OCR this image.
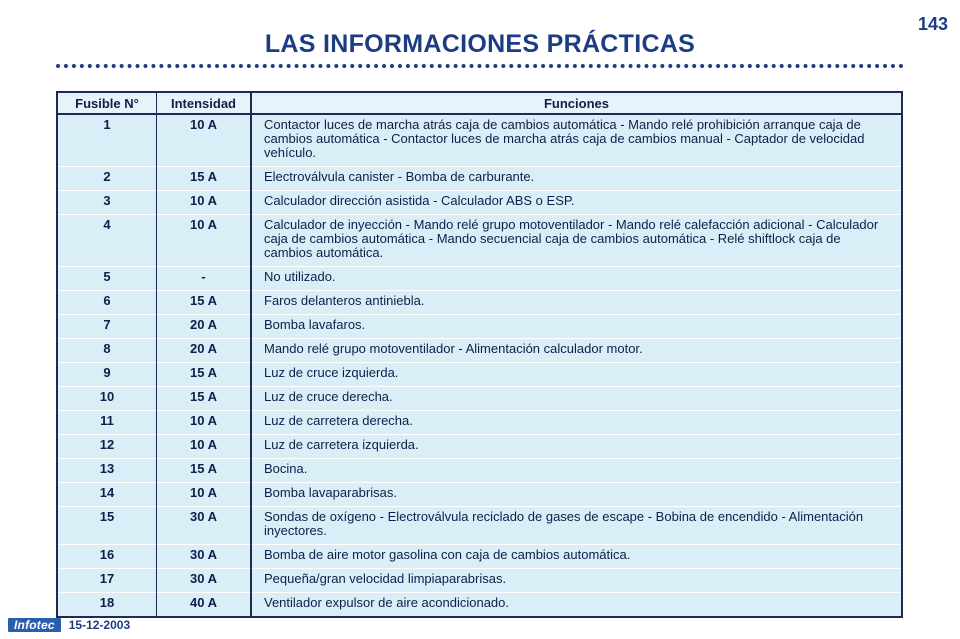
LAS INFORMACIONES PRÁCTICAS
143
Fusible N°	Intensidad	Funciones
1	10 A	Contactor luces de marcha atrás caja de cambios automática - Mando relé prohibición arranque caja de cambios automática - Contactor luces de marcha atrás caja de cambios manual - Captador de velocidad vehículo.
2	15 A	Electroválvula canister - Bomba de carburante.
3	10 A	Calculador dirección asistida - Calculador ABS o ESP.
4	10 A	Calculador de inyección - Mando relé grupo motoventilador - Mando relé calefacción adicional - Calculador caja de cambios automática - Mando secuencial caja de cambios automática - Relé shiftlock caja de cambios automática.
5	-	No utilizado.
6	15 A	Faros delanteros antiniebla.
7	20 A	Bomba lavafaros.
8	20 A	Mando relé grupo motoventilador - Alimentación calculador motor.
9	15 A	Luz de cruce izquierda.
10	15 A	Luz de cruce derecha.
11	10 A	Luz de carretera derecha.
12	10 A	Luz de carretera izquierda.
13	15 A	Bocina.
14	10 A	Bomba lavaparabrisas.
15	30 A	Sondas de oxígeno - Electroválvula reciclado de gases de escape - Bobina de encendido - Alimentación inyectores.
16	30 A	Bomba de aire motor gasolina con caja de cambios automática.
17	30 A	Pequeña/gran velocidad limpiaparabrisas.
18	40 A	Ventilador expulsor de aire acondicionado.
Infotec	15-12-2003
